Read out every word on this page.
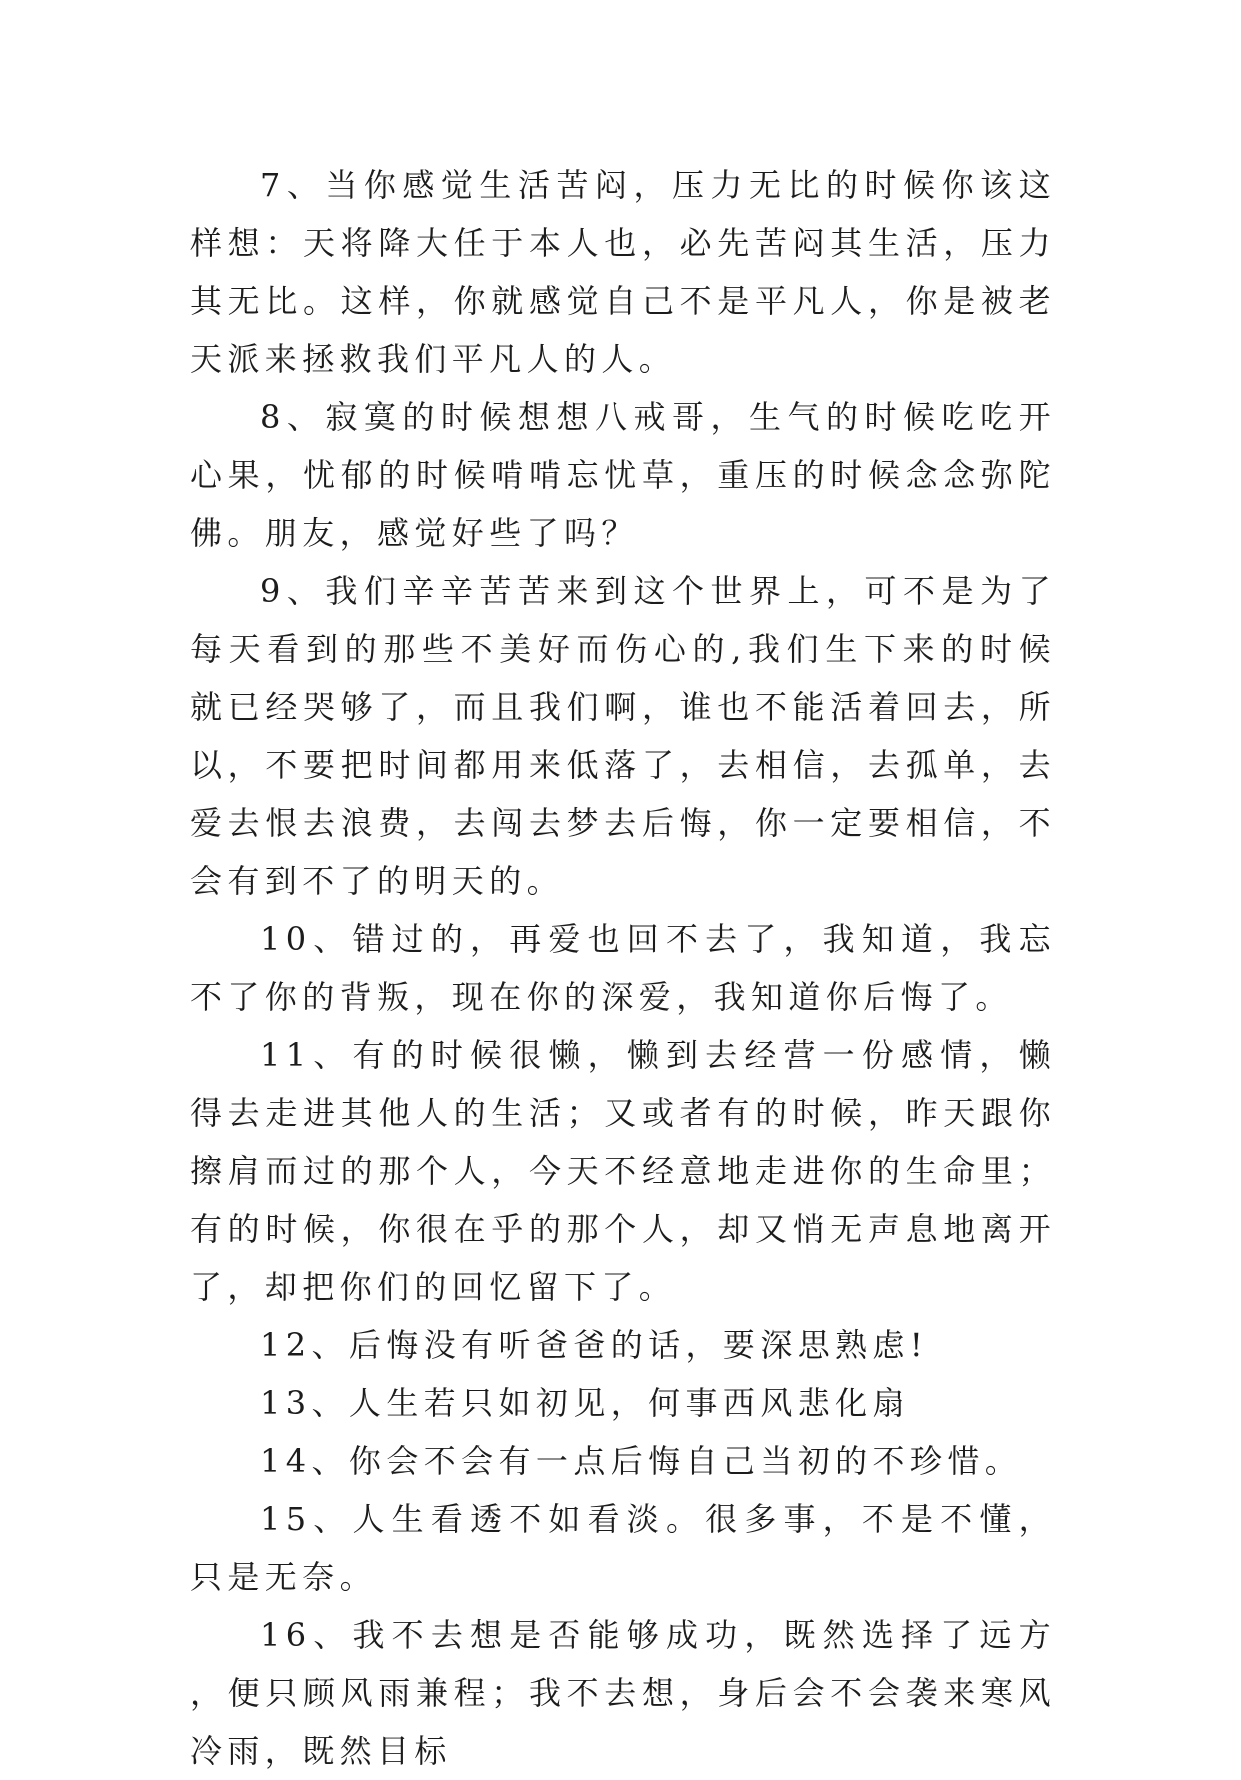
7、当你感觉生活苦闷，压力无比的时候你该这样想：天将降大任于本人也，必先苦闷其生活，压力其无比。这样，你就感觉自己不是平凡人，你是被老天派来拯救我们平凡人的人。

8、寂寞的时候想想八戒哥，生气的时候吃吃开心果，忧郁的时候啃啃忘忧草，重压的时候念念弥陀佛。朋友，感觉好些了吗？

9、我们辛辛苦苦来到这个世界上，可不是为了每天看到的那些不美好而伤心的,我们生下来的时候就已经哭够了，而且我们啊，谁也不能活着回去，所以，不要把时间都用来低落了，去相信，去孤单，去爱去恨去浪费，去闯去梦去后悔，你一定要相信，不会有到不了的明天的。

10、错过的，再爱也回不去了，我知道，我忘不了你的背叛，现在你的深爱，我知道你后悔了。

11、有的时候很懒，懒到去经营一份感情，懒得去走进其他人的生活；又或者有的时候，昨天跟你擦肩而过的那个人，今天不经意地走进你的生命里；有的时候，你很在乎的那个人，却又悄无声息地离开了，却把你们的回忆留下了。

12、后悔没有听爸爸的话，要深思熟虑!

13、人生若只如初见，何事西风悲化扇

14、你会不会有一点后悔自己当初的不珍惜。

15、人生看透不如看淡。很多事，不是不懂，只是无奈。

16、我不去想是否能够成功，既然选择了远方，便只顾风雨兼程；我不去想，身后会不会袭来寒风冷雨，既然目标
